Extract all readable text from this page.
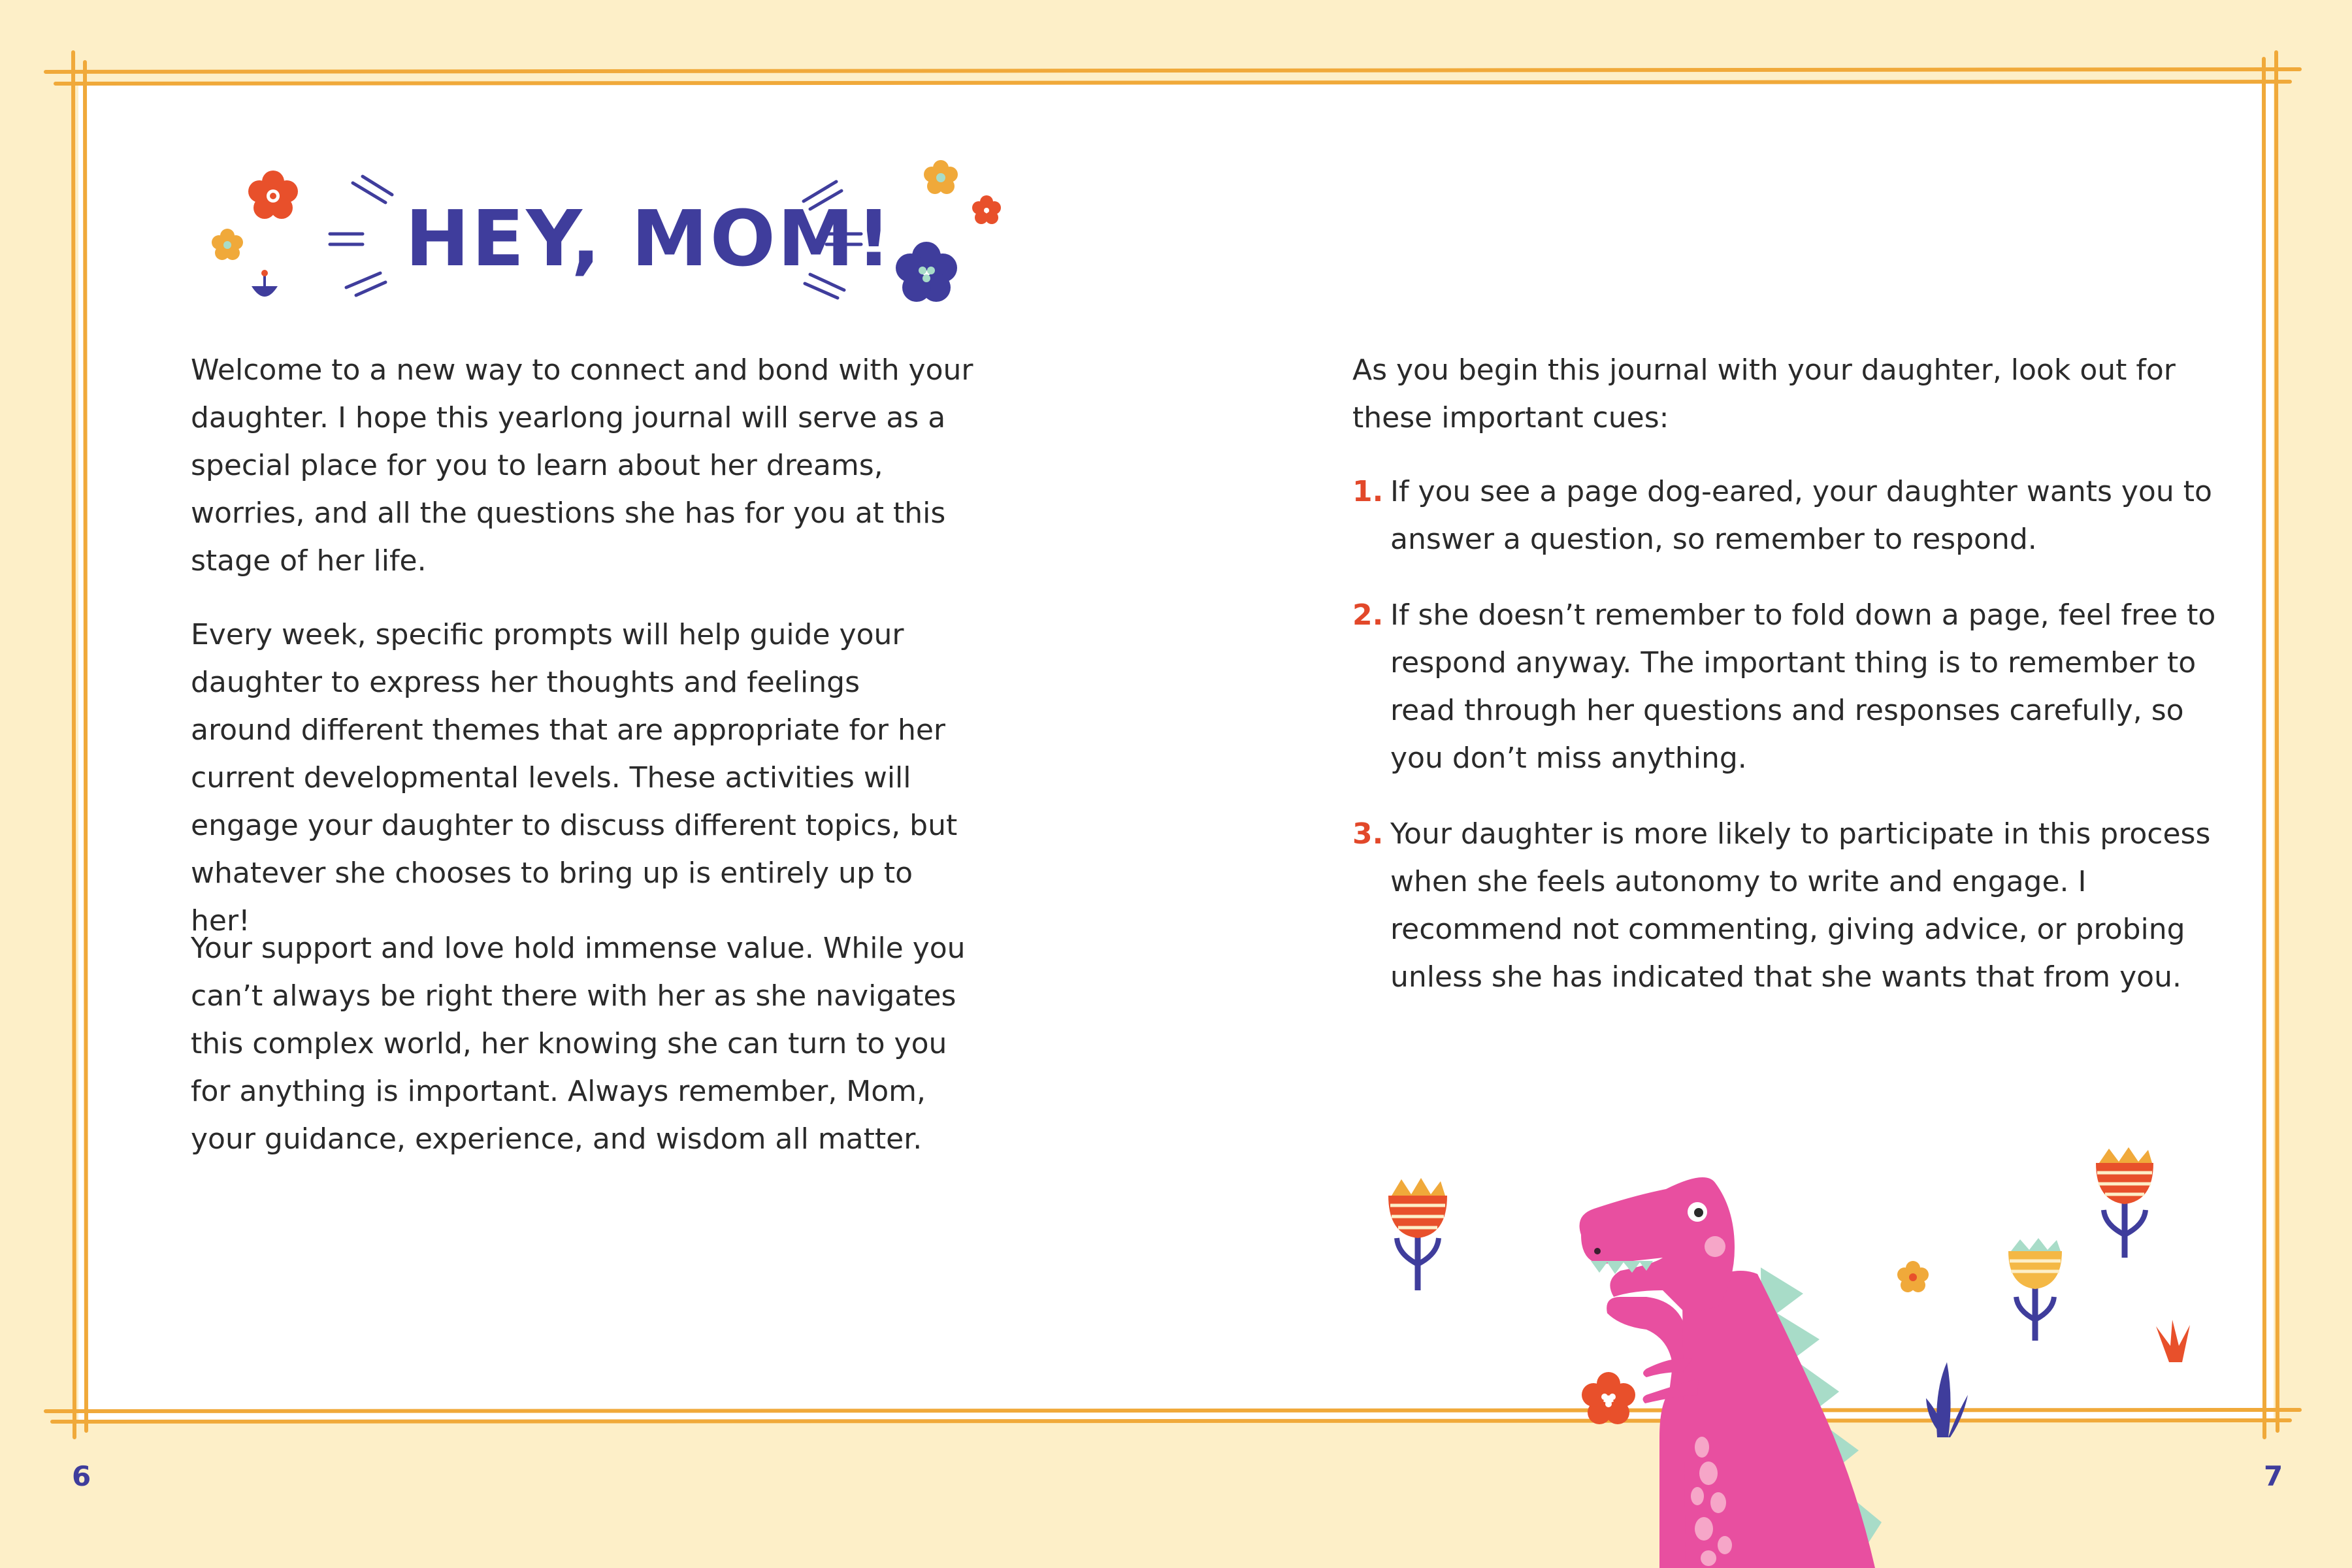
HEY, MOM!

Welcome to a new way to connect and bond with your daughter. I hope this yearlong journal will serve as a special place for you to learn about her dreams, worries, and all the questions she has for you at this stage of her life.

Every week, specific prompts will help guide your daughter to express her thoughts and feelings around different themes that are appropriate for her current developmental levels. These activities will engage your daughter to discuss different topics, but whatever she chooses to bring up is entirely up to her!

Your support and love hold immense value. While you can’t always be right there with her as she navigates this complex world, her knowing she can turn to you for anything is important. Always remember, Mom, your guidance, experience, and wisdom all matter.

6

As you begin this journal with your daughter, look out for these important cues:

1. If you see a page dog-eared, your daughter wants you to answer a question, so remember to respond.

2. If she doesn’t remember to fold down a page, feel free to respond anyway. The important thing is to remember to read through her questions and responses carefully, so you don’t miss anything.

3. Your daughter is more likely to participate in this process when she feels autonomy to write and engage. I recommend not commenting, giving advice, or probing unless she has indicated that she wants that from you.

7
